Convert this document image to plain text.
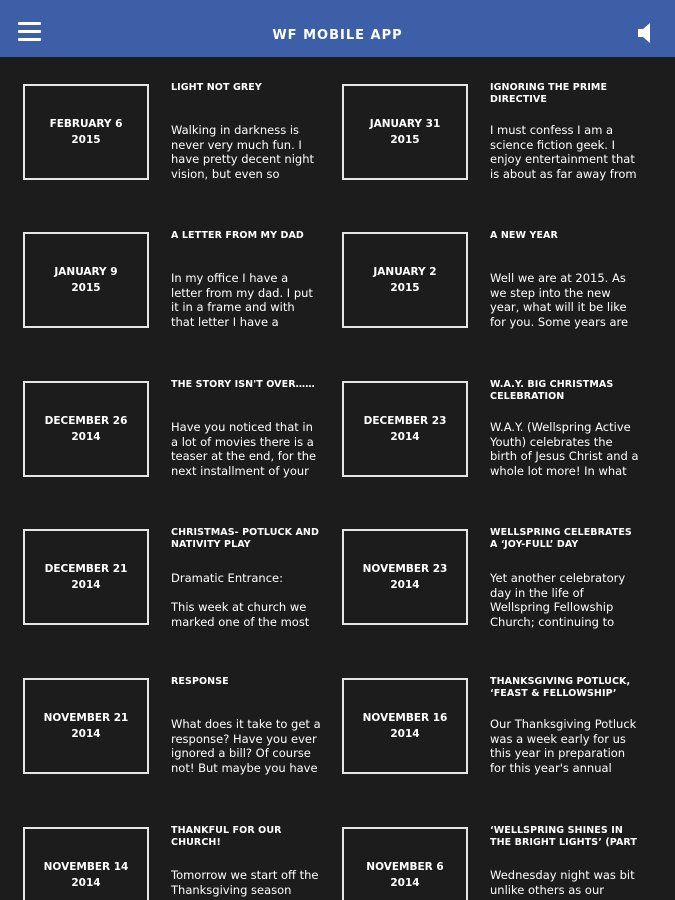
WF MOBILE APP
FEBRUARY 6
2015
LIGHT NOT GREY
Walking in darkness is never very much fun. I have pretty decent night vision, but even so
JANUARY 31
2015
IGNORING THE PRIME DIRECTIVE
I must confess I am a science fiction geek. I enjoy entertainment that is about as far away from
JANUARY 9
2015
A LETTER FROM MY DAD
In my office I have a letter from my dad. I put it in a frame and with that letter I have a
JANUARY 2
2015
A NEW YEAR
Well we are at 2015. As we step into the new year, what will it be like for you. Some years are
DECEMBER 26
2014
THE STORY ISN'T OVER……
Have you noticed that in a lot of movies there is a teaser at the end, for the next installment of your
DECEMBER 23
2014
W.A.Y. BIG CHRISTMAS CELEBRATION
W.A.Y. (Wellspring Active Youth) celebrates the birth of Jesus Christ and a whole lot more! In what
DECEMBER 21
2014
CHRISTMAS- POTLUCK AND NATIVITY PLAY
Dramatic Entrance:

This week at church we marked one of the most
NOVEMBER 23
2014
WELLSPRING CELEBRATES A ‘JOY-FULL’ DAY
Yet another celebratory day in the life of Wellspring Fellowship Church; continuing to
NOVEMBER 21
2014
RESPONSE
What does it take to get a response? Have you ever ignored a bill? Of course not! But maybe you have
NOVEMBER 16
2014
THANKSGIVING POTLUCK, ‘FEAST & FELLOWSHIP’
Our Thanksgiving Potluck was a week early for us this year in preparation for this year's annual
NOVEMBER 14
2014
THANKFUL FOR OUR CHURCH!
Tomorrow we start off the Thanksgiving season
NOVEMBER 6
2014
‘WELLSPRING SHINES IN THE BRIGHT LIGHTS’ (PART
Wednesday night was bit unlike others as our
